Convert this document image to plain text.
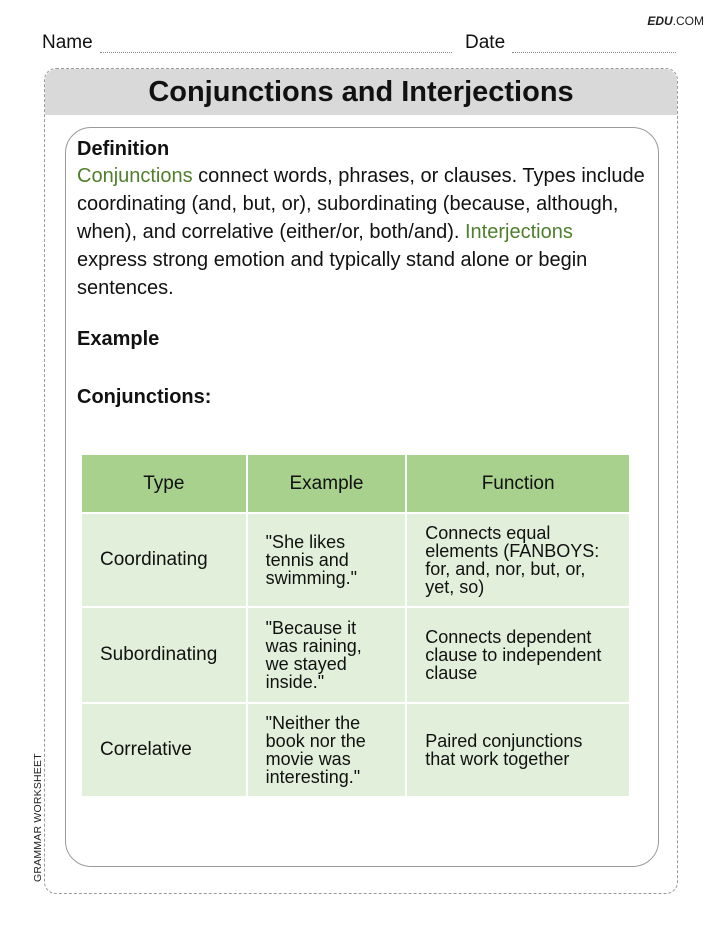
EDU.COM
Name	Date
GRAMMAR WORKSHEET
Conjunctions and Interjections

Definition

Conjunctions connect words, phrases, or clauses. Types include coordinating (and, but, or), subordinating (because, although, when), and correlative (either/or, both/and). Interjections express strong emotion and typically stand alone or begin sentences.

Example

Conjunctions:

Type	Example	Function
Coordinating	"She likes tennis and swimming."	Connects equal elements (FANBOYS: for, and, nor, but, or, yet, so)
Subordinating	"Because it was raining, we stayed inside."	Connects dependent clause to independent clause
Correlative	"Neither the book nor the movie was interesting."	Paired conjunctions that work together
